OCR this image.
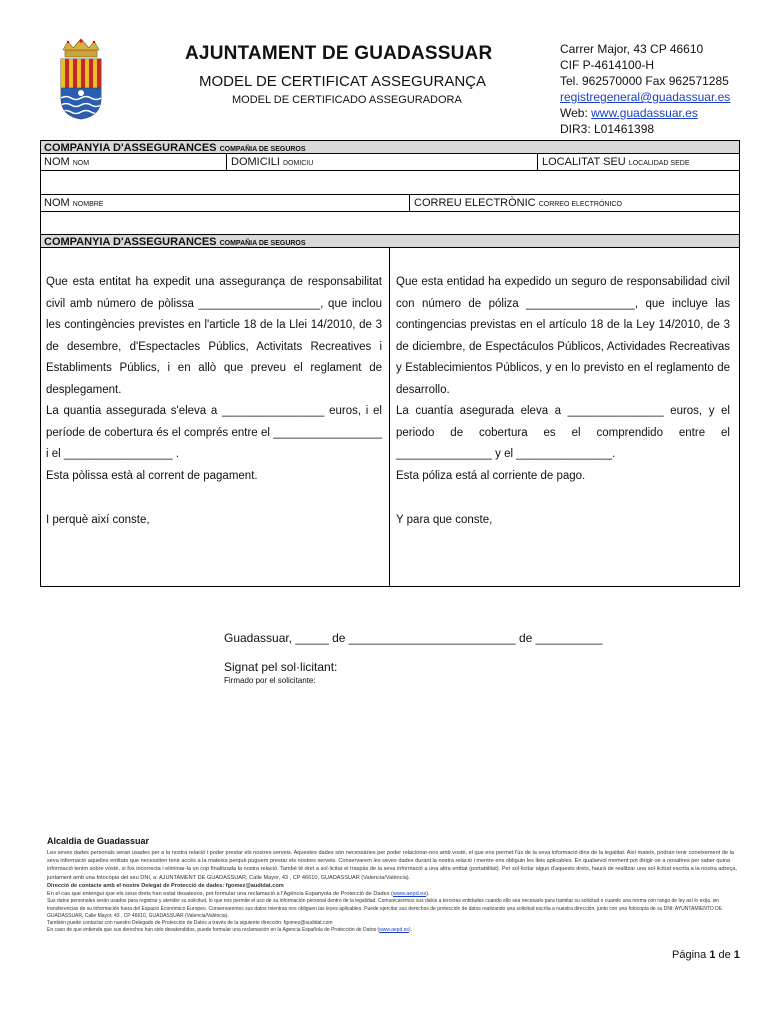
AJUNTAMENT DE GUADASSUAR
MODEL DE CERTIFICAT ASSEGURANÇA
MODEL DE CERTIFICADO ASSEGURADORA
Carrer Major, 43 CP 46610
CIF P-4614100-H
Tel. 962570000 Fax 962571285
registregeneral@guadassuar.es
Web: www.guadassuar.es
DIR3: L01461398
COMPANYIA D'ASSEGURANCES COMPAÑIA DE SEGUROS
NOM NOM	DOMICILI DOMICIU	LOCALITAT SEU LOCALIDAD SEDE
NOM NOMBRE	CORREU ELECTRÒNIC CORREO ELECTRÓNICO
COMPANYIA D'ASSEGURANCES COMPAÑIA DE SEGUROS
Que esta entitat ha expedit una assegurança de responsabilitat civil amb número de pòlissa ___________________, que inclou les contingències previstes en l'article 18 de la Llei 14/2010, de 3 de desembre, d'Espectacles Públics, Activitats Recreatives i Establiments Públics, i en allò que preveu el reglament de desplegament.
La quantia assegurada s'eleva a ________________ euros, i el període de cobertura és el comprés entre el _________________ i el _________________ .
Esta pòlissa està al corrent de pagament.
I perquè així conste,
Que esta entidad ha expedido un seguro de responsabilidad civil con número de póliza _________________, que incluye las contingencias previstas en el artículo 18 de la Ley 14/2010, de 3 de diciembre, de Espectáculos Públicos, Actividades Recreativas y Establecimientos Públicos, y en lo previsto en el reglamento de desarrollo.
La cuantía asegurada eleva a _______________ euros, y el periodo de cobertura es el comprendido entre el _______________ y el _______________.
Esta póliza está al corriente de pago.
Y para que conste,
Guadassuar, _____ de _________________________ de __________
Signat pel sol·licitant:
Firmado por el solicitante:
Alcaldia de Guadassuar
Les seves dades personals seran usades per a la nostra relació i poder prestar els nostres serveis. Aquestes dades són necessàries per poder relacionar-nos amb vostè, el que ens permet l'ús de la seva informació dins de la legalitat. Així mateix, podran tenir coneixement de la seva informació aquelles entitats que necessiten tenir accés a la mateixa perquè puguem prestar els nostres serveis. Conservarem les seves dades durant la nostra relació i mentre ens obliguin les lleis aplicables. En qualsevol moment pot dirigir-se a nosaltres per saber quina informació tenim sobre vostè, si fos incorrecta i eliminar-la un cop finalitzada la nostra relació. També té dret a sol·licitar el traspàs de la seva informació a una altra entitat (portabilitat). Per sol·licitar algun d'aquests drets, haurà de realitzar una sol·licitud escrita a la nostra adreça, juntament amb una fotocòpia del seu DNI, a: AJUNTAMENT DE GUADASSUAR, Calle Mayor, 43 , CP 46610, GUADASSUAR (Valencia/València).
Direcció de contacte amb el nostre Delegat de Protecció de dades: fgomez@audidat.com
En el cas que entengui que els seus drets han estat desatesos, pot formular una reclamació a l'Agència Espanyola de Protecció de Dades (www.aepd.es).
Sus datos personales serán usados para registrar y atender su solicitud, lo que nos permite el uso de su información personal dentro de la legalidad. Comunicaremos sus datos a terceras entidades cuando ello sea necesario para tramitar su solicitud o cuando una norma con rango de ley así lo exija, sin transferencias de su información fuera del Espacio Económico Europeo. Conservaremos sus datos mientras nos obliguen las leyes aplicables. Puede ejercitar sus derechos de protección de datos realizando una solicitud escrita a nuestra dirección, junto con una fotocopia de su DNI: AYUNTAMIENTO DE GUADASSUAR, Calle Mayor, 43 , CP 46610, GUADASSUAR (Valencia/València).
También puede contactar con nuestro Delegado de Protección de Datos a través de la siguiente dirección: fgomez@audidat.com
En caso de que entienda que sus derechos han sido desatendidos, puede formular una reclamación en la Agencia Española de Protección de Datos (www.aepd.es).
Página 1 de 1
